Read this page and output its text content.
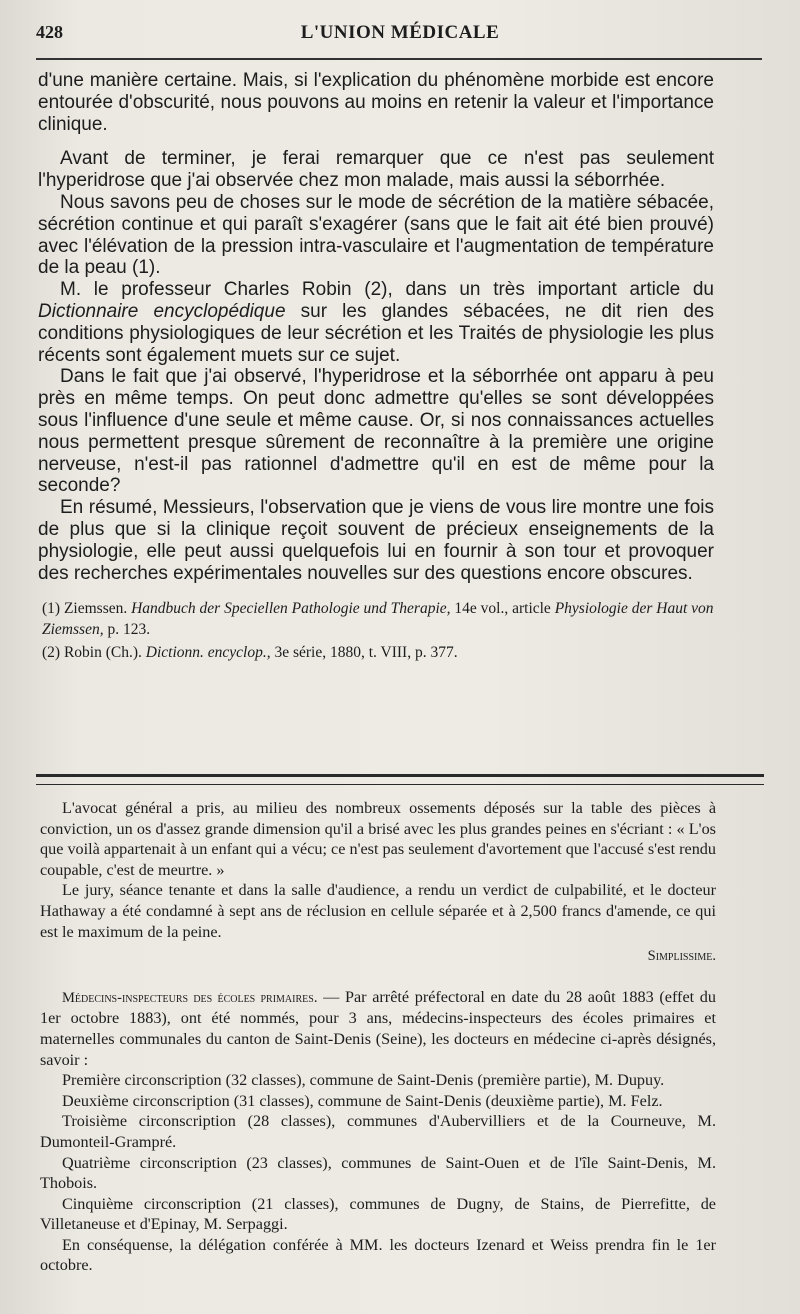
428	L'UNION MÉDICALE

d'une manière certaine. Mais, si l'explication du phénomène morbide est encore entourée d'obscurité, nous pouvons au moins en retenir la valeur et l'importance clinique.

Avant de terminer, je ferai remarquer que ce n'est pas seulement l'hyperidrose que j'ai observée chez mon malade, mais aussi la séborrhée.

Nous savons peu de choses sur le mode de sécrétion de la matière sébacée, sécrétion continue et qui paraît s'exagérer (sans que le fait ait été bien prouvé) avec l'élévation de la pression intra-vasculaire et l'augmentation de température de la peau (1).

M. le professeur Charles Robin (2), dans un très important article du Dictionnaire encyclopédique sur les glandes sébacées, ne dit rien des conditions physiologiques de leur sécrétion et les Traités de physiologie les plus récents sont également muets sur ce sujet.

Dans le fait que j'ai observé, l'hyperidrose et la séborrhée ont apparu à peu près en même temps. On peut donc admettre qu'elles se sont développées sous l'influence d'une seule et même cause. Or, si nos connaissances actuelles nous permettent presque sûrement de reconnaître à la première une origine nerveuse, n'est-il pas rationnel d'admettre qu'il en est de même pour la seconde?

En résumé, Messieurs, l'observation que je viens de vous lire montre une fois de plus que si la clinique reçoit souvent de précieux enseignements de la physiologie, elle peut aussi quelquefois lui en fournir à son tour et provoquer des recherches expérimentales nouvelles sur des questions encore obscures.

(1) Ziemssen. Handbuch der Speciellen Pathologie und Therapie, 14e vol., article Physiologie der Haut von Ziemssen, p. 123.

(2) Robin (Ch.). Dictionn. encyclop., 3e série, 1880, t. VIII, p. 377.

L'avocat général a pris, au milieu des nombreux ossements déposés sur la table des pièces à conviction, un os d'assez grande dimension qu'il a brisé avec les plus grandes peines en s'écriant : « L'os que voilà appartenait à un enfant qui a vécu; ce n'est pas seulement d'avortement que l'accusé s'est rendu coupable, c'est de meurtre. »

Le jury, séance tenante et dans la salle d'audience, a rendu un verdict de culpabilité, et le docteur Hathaway a été condamné à sept ans de réclusion en cellule séparée et à 2,500 francs d'amende, ce qui est le maximum de la peine.

Simplissime.

Médecins-inspecteurs des écoles primaires. — Par arrêté préfectoral en date du 28 août 1883 (effet du 1er octobre 1883), ont été nommés, pour 3 ans, médecins-inspecteurs des écoles primaires et maternelles communales du canton de Saint-Denis (Seine), les docteurs en médecine ci-après désignés, savoir :

Première circonscription (32 classes), commune de Saint-Denis (première partie), M. Dupuy.

Deuxième circonscription (31 classes), commune de Saint-Denis (deuxième partie), M. Felz.

Troisième circonscription (28 classes), communes d'Aubervilliers et de la Courneuve, M. Dumonteil-Grampré.

Quatrième circonscription (23 classes), communes de Saint-Ouen et de l'île Saint-Denis, M. Thobois.

Cinquième circonscription (21 classes), communes de Dugny, de Stains, de Pierrefitte, de Villetaneuse et d'Epinay, M. Serpaggi.

En conséquense, la délégation conférée à MM. les docteurs Izenard et Weiss prendra fin le 1er octobre.
